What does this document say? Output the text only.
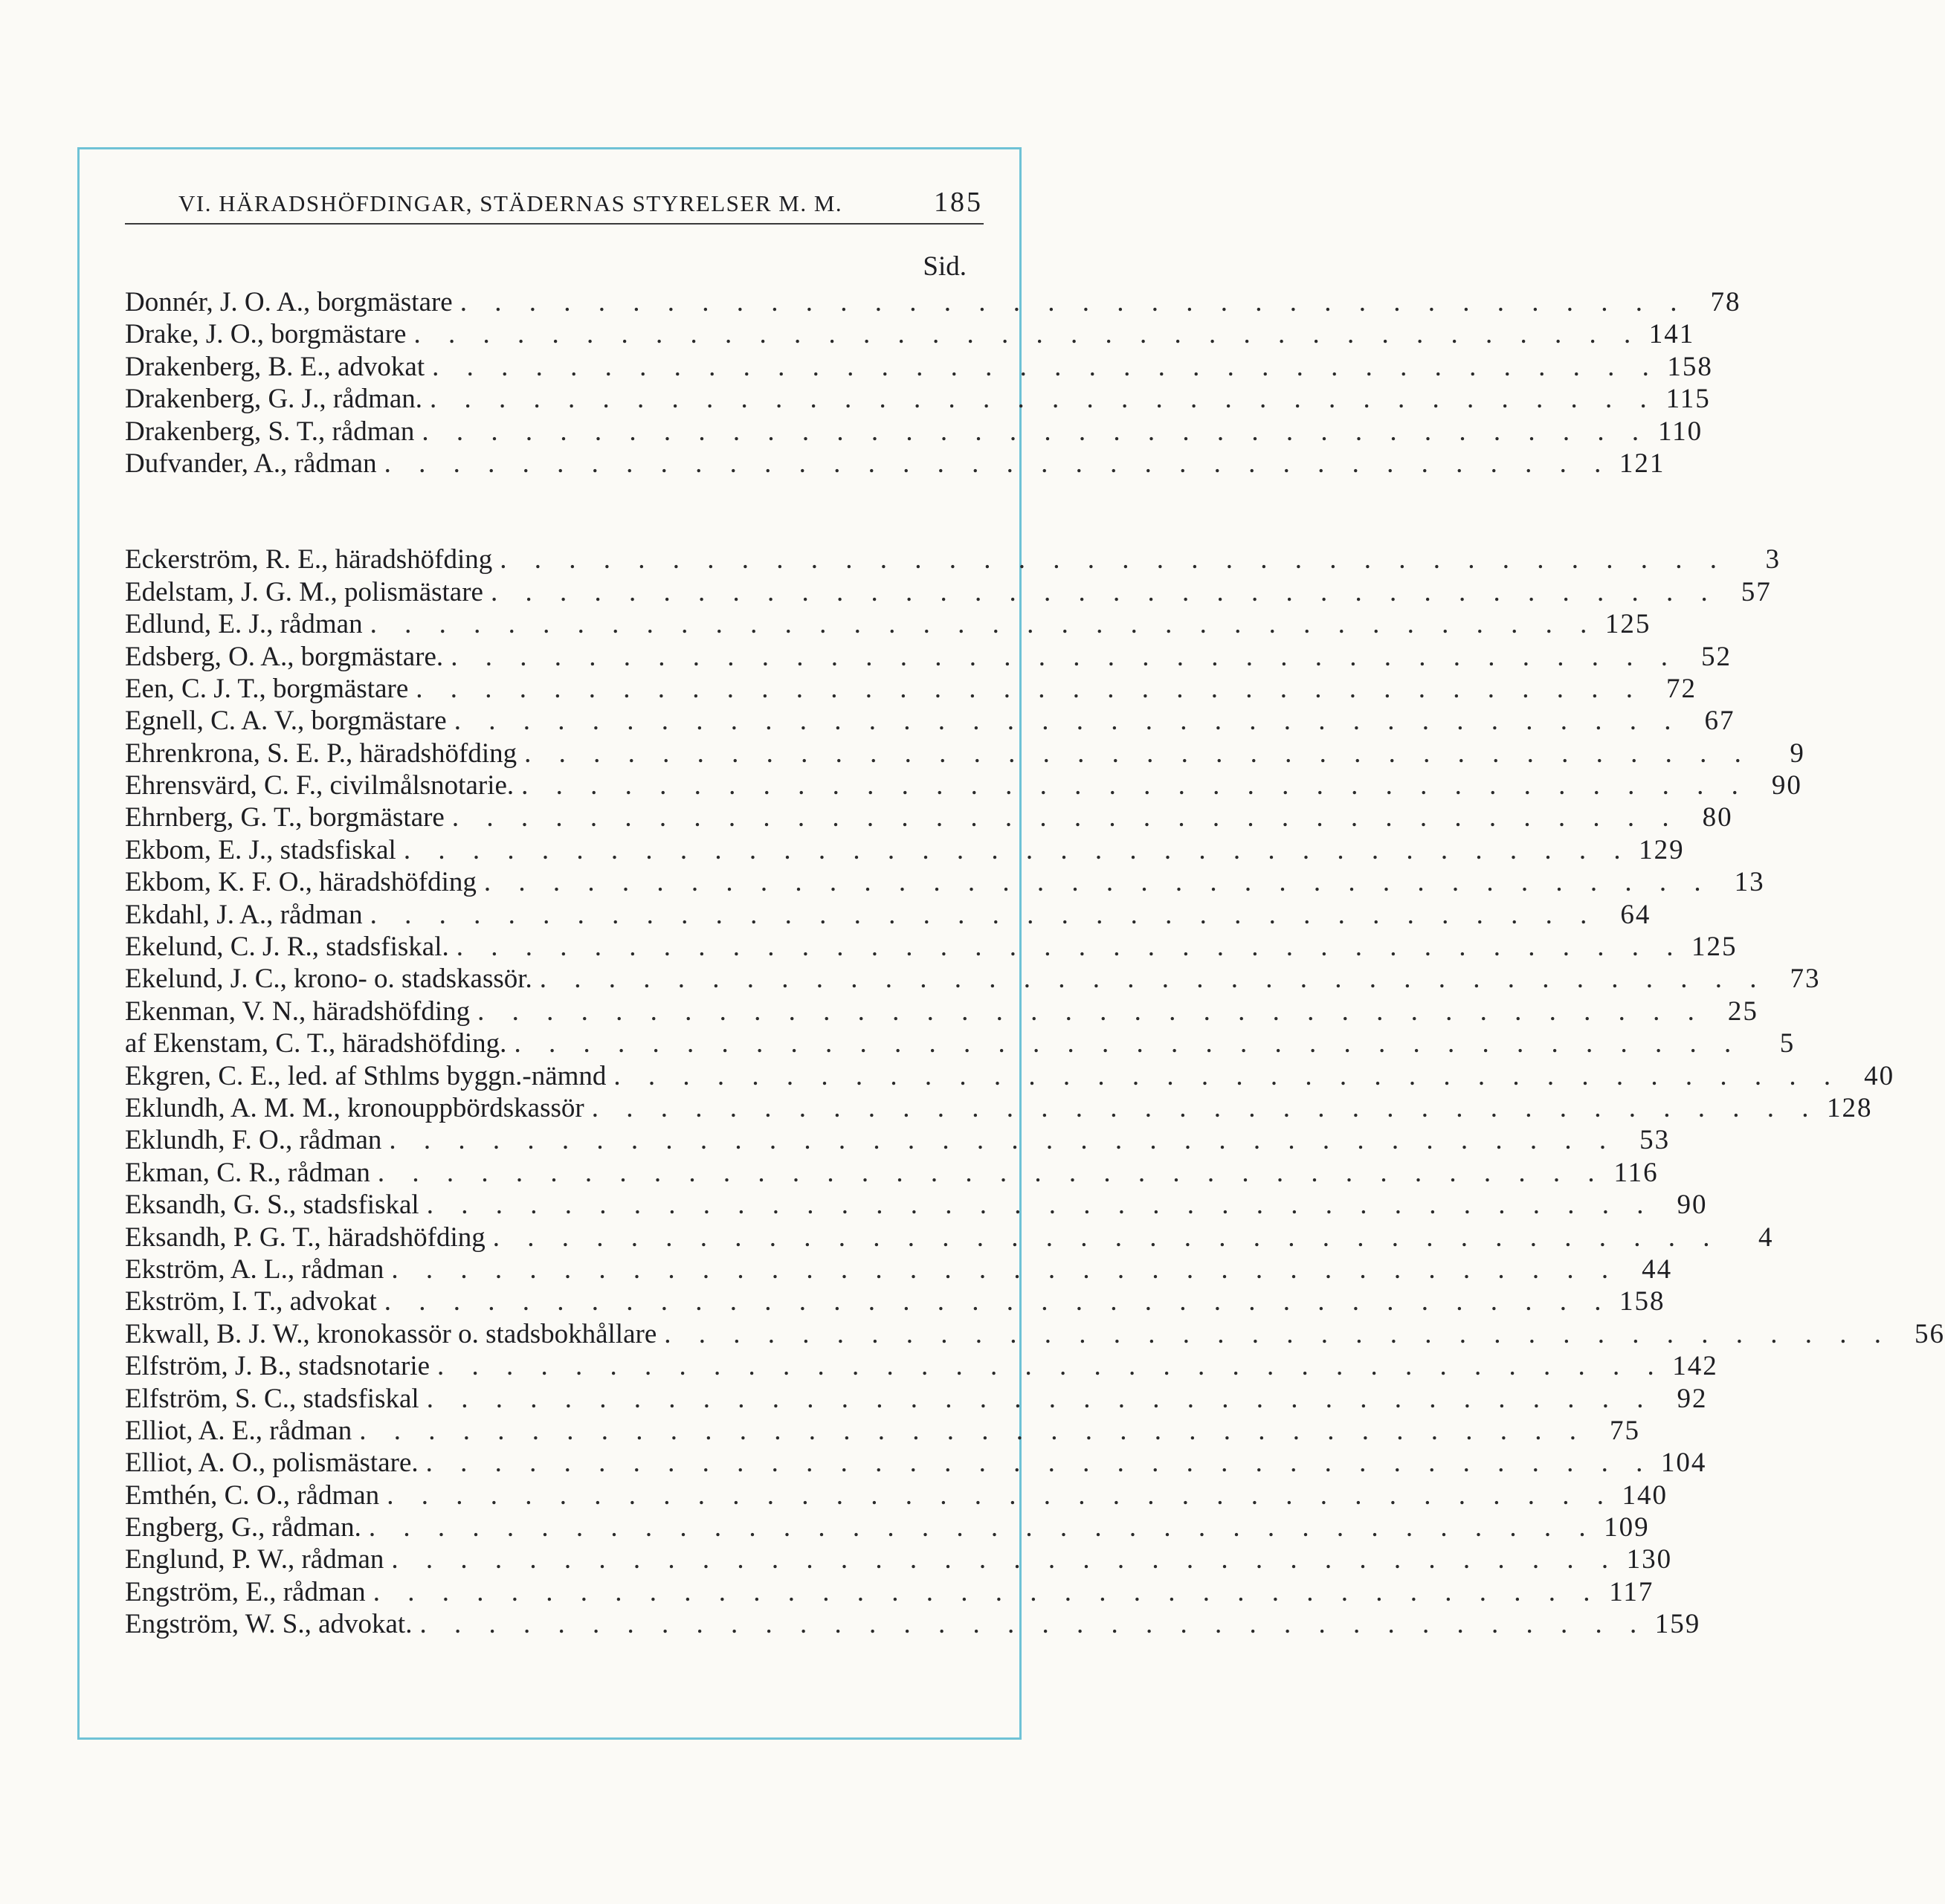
VI. HÄRADSHÖFDINGAR, STÄDERNAS STYRELSER M. M.	185
Sid.
Donnér, J. O. A., borgmästare . . . . . . . . . . . . . . . . . . . . . . . . . . . . . . . . . . . . 78
Drake, J. O., borgmästare . . . . . . . . . . . . . . . . . . . . . . . . . . . . . . . . . . . . 141
Drakenberg, B. E., advokat . . . . . . . . . . . . . . . . . . . . . . . . . . . . . . . . . . . . 158
Drakenberg, G. J., rådman. . . . . . . . . . . . . . . . . . . . . . . . . . . . . . . . . . . . . 115
Drakenberg, S. T., rådman . . . . . . . . . . . . . . . . . . . . . . . . . . . . . . . . . . . . 110
Dufvander, A., rådman . . . . . . . . . . . . . . . . . . . . . . . . . . . . . . . . . . . . 121
Eckerström, R. E., häradshöfding . . . . . . . . . . . . . . . . . . . . . . . . . . . . . . . . . . . .	3
Edelstam, J. G. M., polismästare . . . . . . . . . . . . . . . . . . . . . . . . . . . . . . . . . . . . 57
Edlund, E. J., rådman . . . . . . . . . . . . . . . . . . . . . . . . . . . . . . . . . . . . 125
Edsberg, O. A., borgmästare. . . . . . . . . . . . . . . . . . . . . . . . . . . . . . . . . . . . . 52
Een, C. J. T., borgmästare . . . . . . . . . . . . . . . . . . . . . . . . . . . . . . . . . . . . 72
Egnell, C. A. V., borgmästare . . . . . . . . . . . . . . . . . . . . . . . . . . . . . . . . . . . . 67
Ehrenkrona, S. E. P., häradshöfding . . . . . . . . . . . . . . . . . . . . . . . . . . . . . . . . . . . .	9
Ehrensvärd, C. F., civilmålsnotarie. . . . . . . . . . . . . . . . . . . . . . . . . . . . . . . . . . . . . 90
Ehrnberg, G. T., borgmästare . . . . . . . . . . . . . . . . . . . . . . . . . . . . . . . . . . . . 80
Ekbom, E. J., stadsfiskal . . . . . . . . . . . . . . . . . . . . . . . . . . . . . . . . . . . . 129
Ekbom, K. F. O., häradshöfding . . . . . . . . . . . . . . . . . . . . . . . . . . . . . . . . . . . . 13
Ekdahl, J. A., rådman . . . . . . . . . . . . . . . . . . . . . . . . . . . . . . . . . . . . 64
Ekelund, C. J. R., stadsfiskal. . . . . . . . . . . . . . . . . . . . . . . . . . . . . . . . . . . . . 125
Ekelund, J. C., krono- o. stadskassör. . . . . . . . . . . . . . . . . . . . . . . . . . . . . . . . . . . . . 73
Ekenman, V. N., häradshöfding . . . . . . . . . . . . . . . . . . . . . . . . . . . . . . . . . . . . 25
af Ekenstam, C. T., häradshöfding. . . . . . . . . . . . . . . . . . . . . . . . . . . . . . . . . . . . .	5
Ekgren, C. E., led. af Sthlms byggn.-nämnd . . . . . . . . . . . . . . . . . . . . . . . . . . . . . . . . . . . . 40
Eklundh, A. M. M., kronouppbördskassör . . . . . . . . . . . . . . . . . . . . . . . . . . . . . . . . . . . . 128
Eklundh, F. O., rådman . . . . . . . . . . . . . . . . . . . . . . . . . . . . . . . . . . . . 53
Ekman, C. R., rådman . . . . . . . . . . . . . . . . . . . . . . . . . . . . . . . . . . . . 116
Eksandh, G. S., stadsfiskal . . . . . . . . . . . . . . . . . . . . . . . . . . . . . . . . . . . . 90
Eksandh, P. G. T., häradshöfding . . . . . . . . . . . . . . . . . . . . . . . . . . . . . . . . . . . .	4
Ekström, A. L., rådman . . . . . . . . . . . . . . . . . . . . . . . . . . . . . . . . . . . . 44
Ekström, I. T., advokat . . . . . . . . . . . . . . . . . . . . . . . . . . . . . . . . . . . . 158
Ekwall, B. J. W., kronokassör o. stadsbokhållare . . . . . . . . . . . . . . . . . . . . . . . . . . . . . . . . . . . . 56
Elfström, J. B., stadsnotarie . . . . . . . . . . . . . . . . . . . . . . . . . . . . . . . . . . . . 142
Elfström, S. C., stadsfiskal . . . . . . . . . . . . . . . . . . . . . . . . . . . . . . . . . . . . 92
Elliot, A. E., rådman . . . . . . . . . . . . . . . . . . . . . . . . . . . . . . . . . . . . 75
Elliot, A. O., polismästare. . . . . . . . . . . . . . . . . . . . . . . . . . . . . . . . . . . . . 104
Emthén, C. O., rådman . . . . . . . . . . . . . . . . . . . . . . . . . . . . . . . . . . . . 140
Engberg, G., rådman. . . . . . . . . . . . . . . . . . . . . . . . . . . . . . . . . . . . . 109
Englund, P. W., rådman . . . . . . . . . . . . . . . . . . . . . . . . . . . . . . . . . . . . 130
Engström, E., rådman . . . . . . . . . . . . . . . . . . . . . . . . . . . . . . . . . . . . 117
Engström, W. S., advokat. . . . . . . . . . . . . . . . . . . . . . . . . . . . . . . . . . . . . 159
